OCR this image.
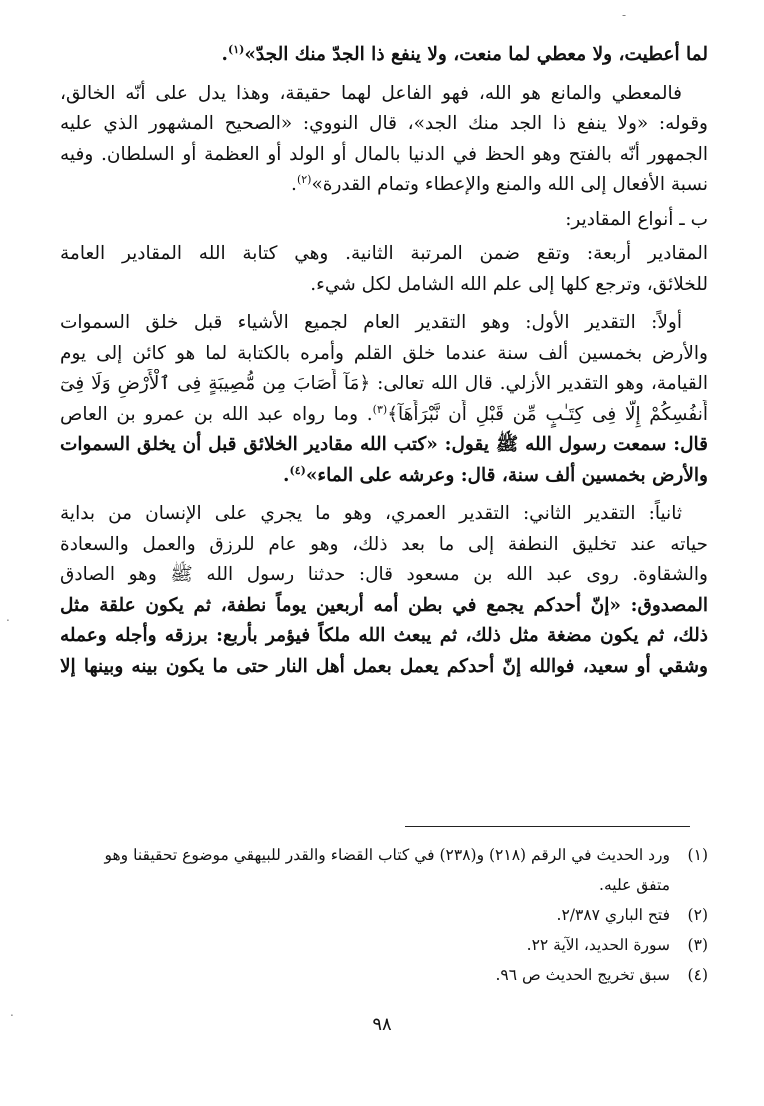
-
.
.
لما أعطيت، ولا معطي لما منعت، ولا ينفع ذا الجدّ منك الجدّ»$^{(١)}$.
فالمعطي والمانع هو الله، فهو الفاعل لهما حقيقة، وهذا يدل على أنّه الخالق،
وقوله: «ولا ينفع ذا الجد منك الجد»، قال النووي: «الصحيح المشهور الذي عليه
الجمهور أنّه بالفتح وهو الحظ في الدنيا بالمال أو الولد أو العظمة أو السلطان. وفيه
نسبة الأفعال إلى الله والمنع والإعطاء وتمام القدرة»$^{(٢)}$.
ب ـ أنواع المقادير:
المقادير أربعة: وتقع ضمن المرتبة الثانية. وهي كتابة الله المقادير العامة
للخلائق، وترجع كلها إلى علم الله الشامل لكل شيء.
أولاً: التقدير الأول: وهو التقدير العام لجميع الأشياء قبل خلق السموات
والأرض بخمسين ألف سنة عندما خلق القلم وأمره بالكتابة لما هو كائن إلى يوم
القيامة، وهو التقدير الأزلي. قال الله تعالى: ﴿مَآ أَصَابَ مِن مُّصِيبَةٍ فِى ٱلْأَرْضِ وَلَا فِىٓ
أَنفُسِكُمْ إِلَّا فِى كِتَـٰبٍ مِّن قَبْلِ أَن نَّبْرَأَهَآ﴾$^{(٣)}$. وما رواه عبد الله بن عمرو بن العاص
قال: سمعت رسول الله ﷺ يقول: «كتب الله مقادير الخلائق قبل أن يخلق السموات
والأرض بخمسين ألف سنة، قال: وعرشه على الماء»$^{(٤)}$.
ثانياً: التقدير الثاني: التقدير العمري، وهو ما يجري على الإنسان من بداية
حياته عند تخليق النطفة إلى ما بعد ذلك، وهو عام للرزق والعمل والسعادة
والشقاوة. روى عبد الله بن مسعود قال: حدثنا رسول الله ﷺ وهو الصادق
المصدوق: «إنّ أحدكم يجمع في بطن أمه أربعين يوماً نطفة، ثم يكون علقة مثل
ذلك، ثم يكون مضغة مثل ذلك، ثم يبعث الله ملكاً فيؤمر بأربع: برزقه وأجله وعمله
وشقي أو سعيد، فوالله إنّ أحدكم يعمل بعمل أهل النار حتى ما يكون بينه وبينها إلا
(١)
ورد الحديث في الرقم (٢١٨) و(٢٣٨) في كتاب القضاء والقدر للبيهقي موضوع تحقيقنا وهو
متفق عليه.
(٢)
فتح الباري ٢/٣٨٧.
(٣)
سورة الحديد، الآية ٢٢.
(٤)
سبق تخريج الحديث ص ٩٦.
٩٨
